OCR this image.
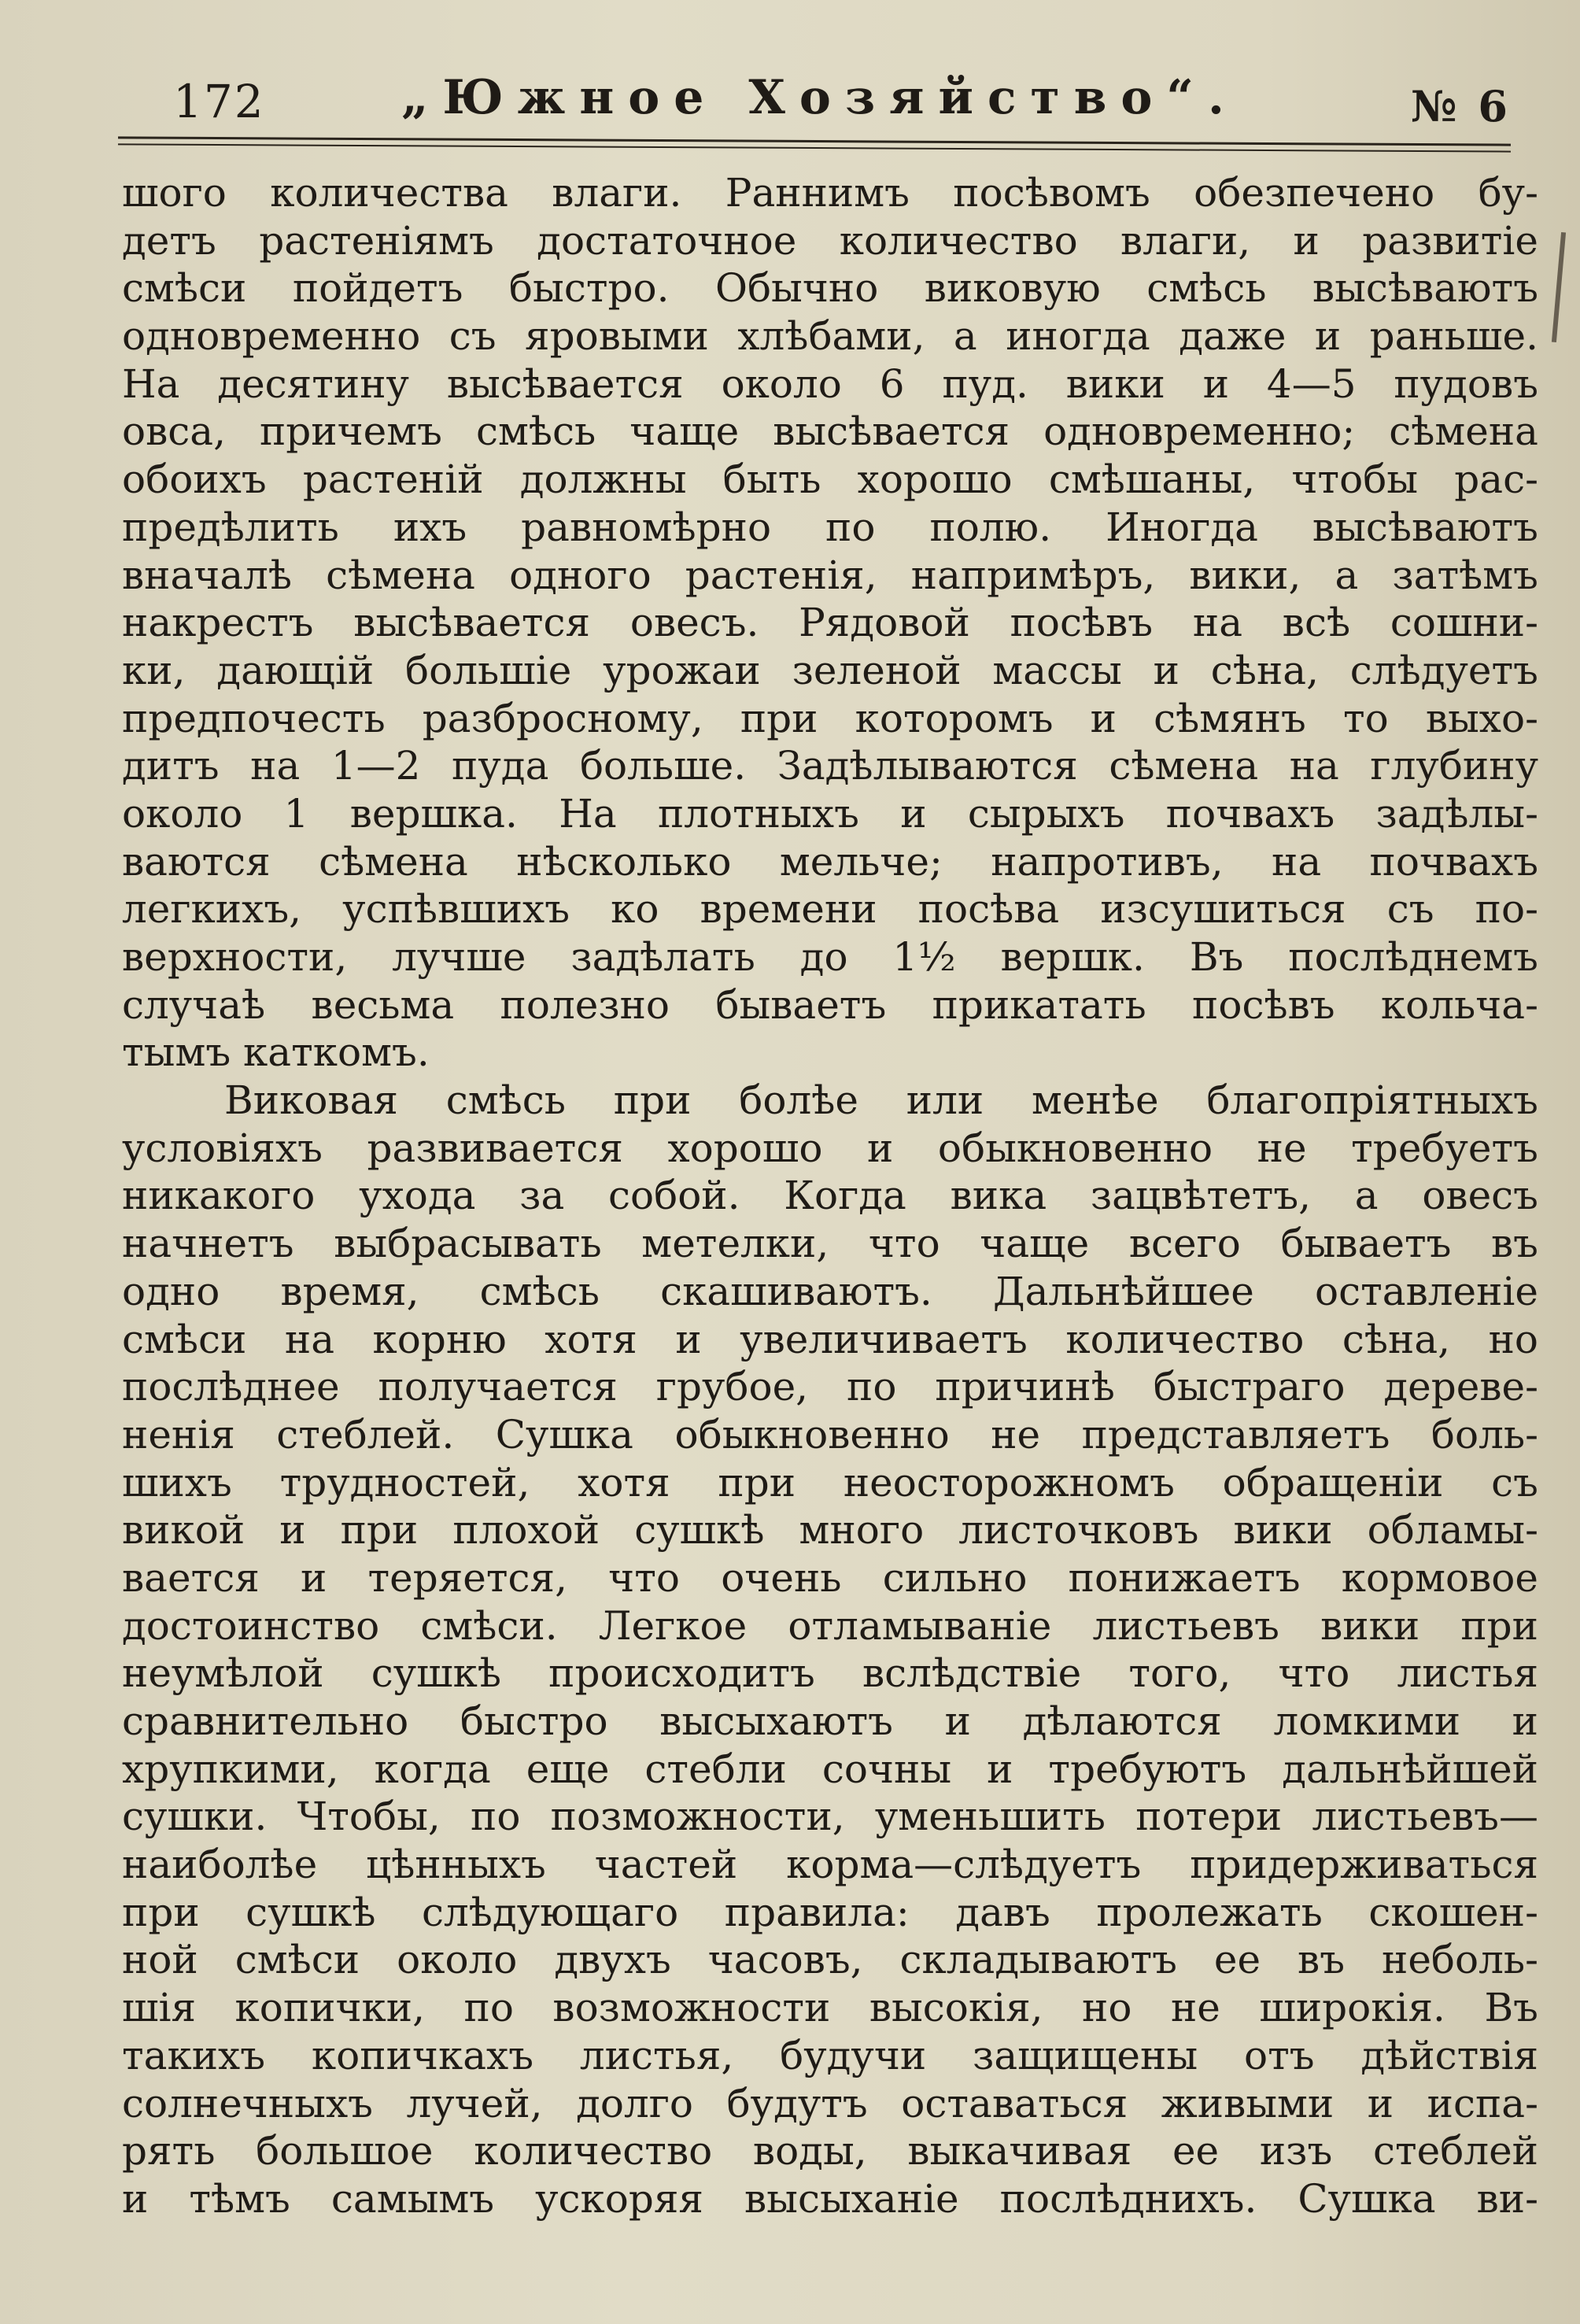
172	„Южное Хозяйство“.	№ 6
шого количества влаги. Раннимъ посѣвомъ обезпечено бу-
детъ растеніямъ достаточное количество влаги, и развитіе
смѣси пойдетъ быстро. Обычно виковую смѣсь высѣваютъ
одновременно съ яровыми хлѣбами, а иногда даже и раньше.
На десятину высѣвается около 6 пуд. вики и 4—5 пудовъ
овса, причемъ смѣсь чаще высѣвается одновременно; сѣмена
обоихъ растеній должны быть хорошо смѣшаны, чтобы рас-
предѣлить ихъ равномѣрно по полю. Иногда высѣваютъ
вначалѣ сѣмена одного растенія, напримѣръ, вики, а затѣмъ
накрестъ высѣвается овесъ. Рядовой посѣвъ на всѣ сошни-
ки, дающій большіе урожаи зеленой массы и сѣна, слѣдуетъ
предпочесть разбросному, при которомъ и сѣмянъ то выхо-
дитъ на 1—2 пуда больше. Задѣлываются сѣмена на глубину
около 1 вершка. На плотныхъ и сырыхъ почвахъ задѣлы-
ваются сѣмена нѣсколько мельче; напротивъ, на почвахъ
легкихъ, успѣвшихъ ко времени посѣва изсушиться съ по-
верхности, лучше задѣлать до 1½ вершк. Въ послѣднемъ
случаѣ весьма полезно бываетъ прикатать посѣвъ кольча-
тымъ каткомъ.
Виковая смѣсь при болѣе или менѣе благопріятныхъ
условіяхъ развивается хорошо и обыкновенно не требуетъ
никакого ухода за собой. Когда вика зацвѣтетъ, а овесъ
начнетъ выбрасывать метелки, что чаще всего бываетъ въ
одно время, смѣсь скашиваютъ. Дальнѣйшее оставленіе
смѣси на корню хотя и увеличиваетъ количество сѣна, но
послѣднее получается грубое, по причинѣ быстраго дереве-
ненія стеблей. Сушка обыкновенно не представляетъ боль-
шихъ трудностей, хотя при неосторожномъ обращеніи съ
викой и при плохой сушкѣ много листочковъ вики обламы-
вается и теряется, что очень сильно понижаетъ кормовое
достоинство смѣси. Легкое отламываніе листьевъ вики при
неумѣлой сушкѣ происходитъ вслѣдствіе того, что листья
сравнительно быстро высыхаютъ и дѣлаются ломкими и
хрупкими, когда еще стебли сочны и требуютъ дальнѣйшей
сушки. Чтобы, по позможности, уменьшить потери листьевъ—
наиболѣе цѣнныхъ частей корма—слѣдуетъ придерживаться
при сушкѣ слѣдующаго правила: давъ пролежать скошен-
ной смѣси около двухъ часовъ, складываютъ ее въ неболь-
шія копички, по возможности высокія, но не широкія. Въ
такихъ копичкахъ листья, будучи защищены отъ дѣйствія
солнечныхъ лучей, долго будутъ оставаться живыми и испа-
рять большое количество воды, выкачивая ее изъ стеблей
и тѣмъ самымъ ускоряя высыханіе послѣднихъ. Сушка ви-
